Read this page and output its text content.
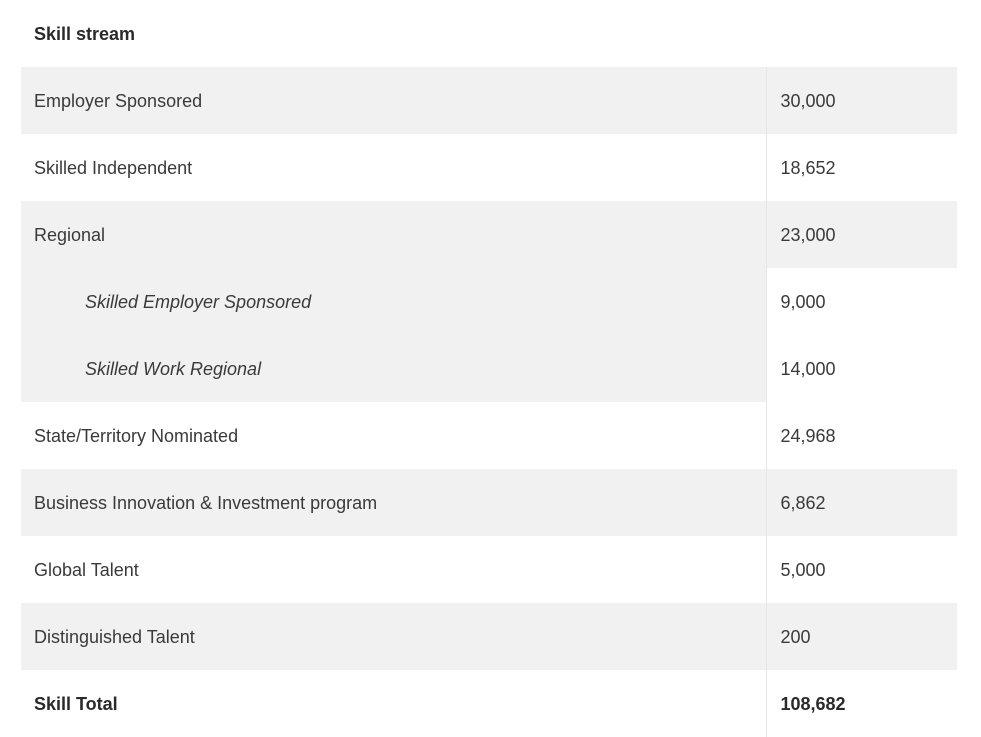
Skill stream	
Employer Sponsored	30,000
Skilled Independent	18,652
Regional	23,000
Skilled Employer Sponsored	9,000
Skilled Work Regional	14,000
State/Territory Nominated	24,968
Business Innovation & Investment program	6,862
Global Talent	5,000
Distinguished Talent	200
Skill Total	108,682
